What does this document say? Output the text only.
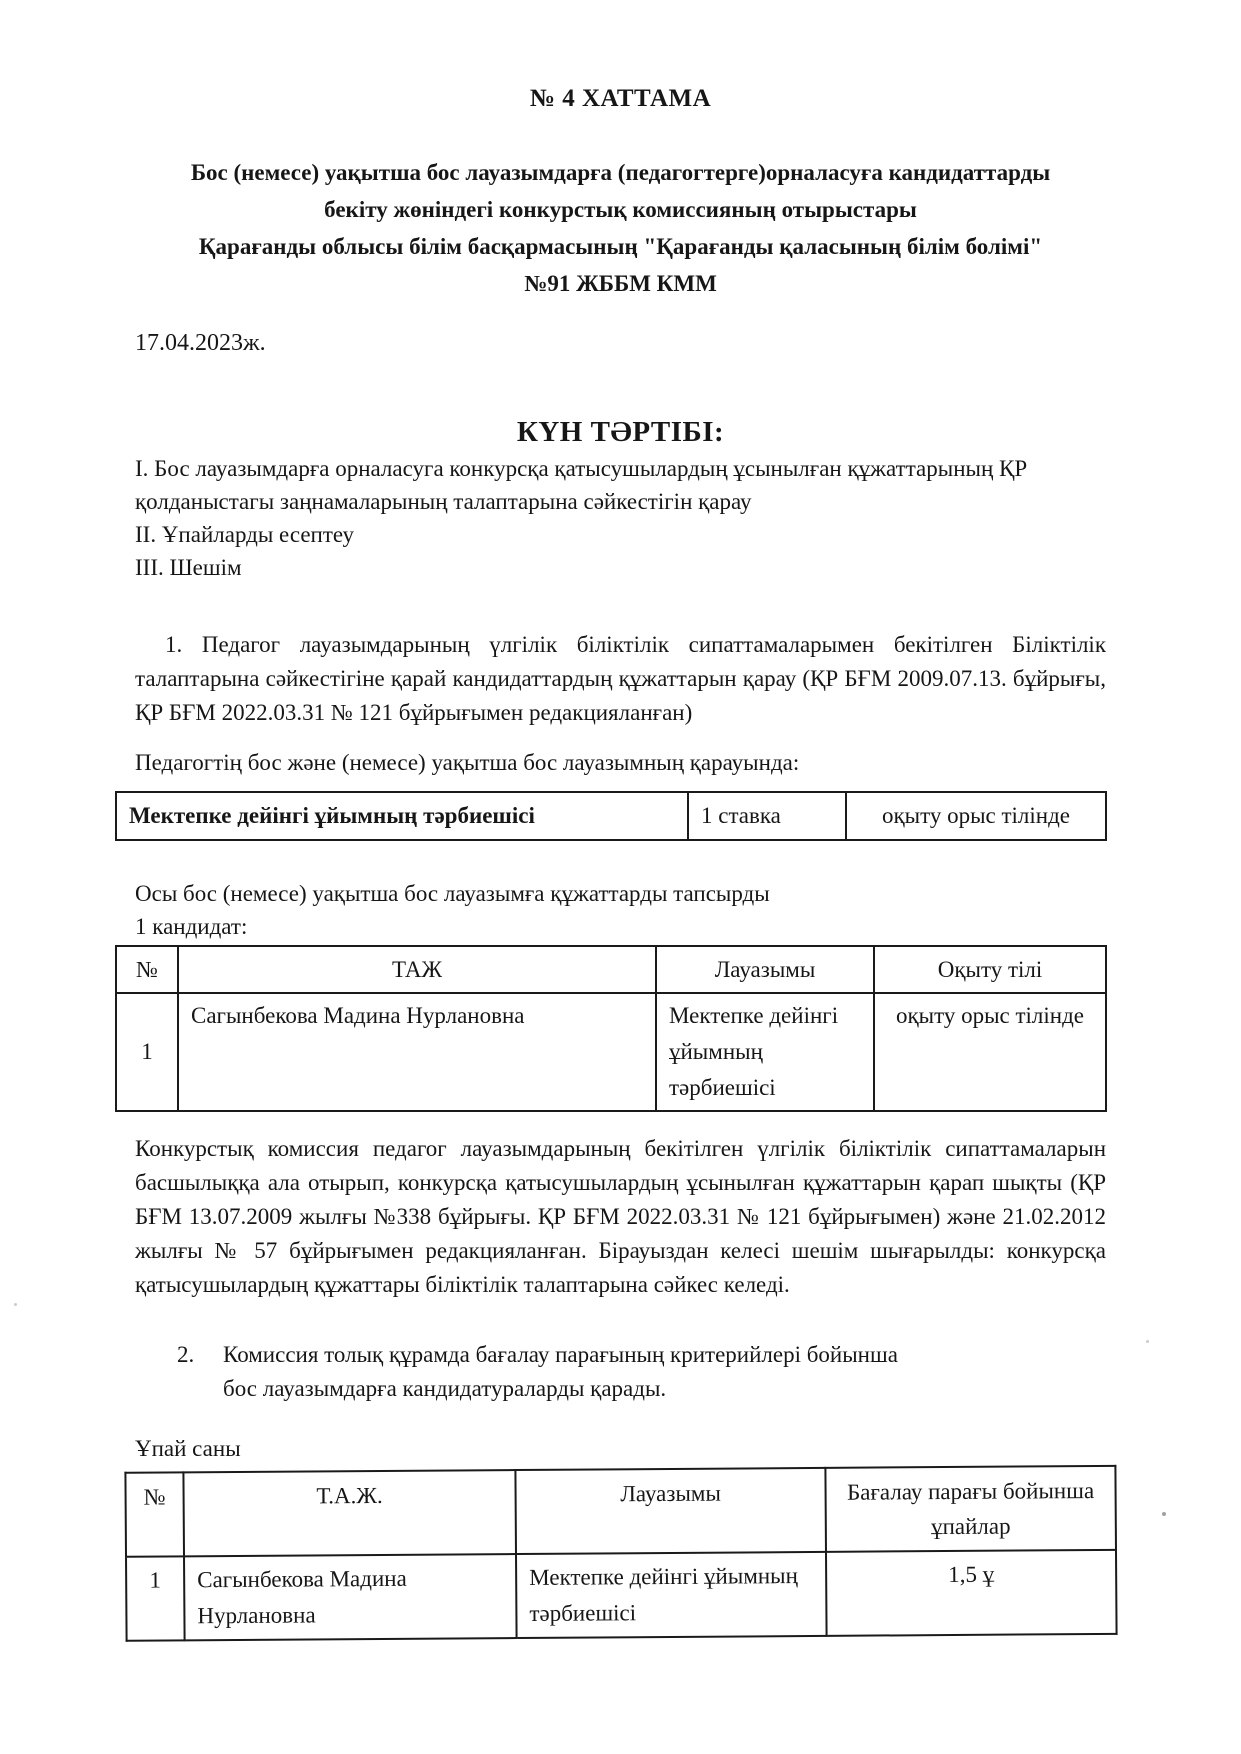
№ 4 ХАТТАМА
Бос (немесе) уақытша бос лауазымдарға (педагогтерге)орналасуға кандидаттарды
бекіту жөніндегі конкурстық комиссияның отырыстары
Қарағанды облысы білім басқармасының "Қарағанды қаласының білім болімі"
№91 ЖББМ КММ
17.04.2023ж.
КҮН ТӘРТІБІ:
I. Бос лауазымдарға орналасуга конкурсқа қатысушылардың ұсынылған құжаттарының ҚР қолданыстагы заңнамаларының талаптарына сәйкестігін қарау
II. Ұпайларды есептеу
III. Шешім
1. Педагог лауазымдарының үлгілік біліктілік сипаттамаларымен бекітілген Біліктілік талаптарына сәйкестігіне қарай кандидаттардың құжаттарын қарау (ҚР БҒМ 2009.07.13. бұйрығы, ҚР БҒМ 2022.03.31 № 121 бұйрығымен редакцияланған)
Педагогтің бос және (немесе) уақытша бос лауазымның қарауында:
Мектепке дейінгі ұйымның тәрбиешісі	1 ставка	оқыту орыс тілінде
Осы бос (немесе) уақытша бос лауазымға құжаттарды тапсырды
1 кандидат:
№	ТАЖ	Лауазымы	Оқыту тілі
1	Сагынбекова Мадина Нурлановна	Мектепке дейінгі ұйымның тәрбиешісі	оқыту орыс тілінде
Конкурстық комиссия педагог лауазымдарының бекітілген үлгілік біліктілік сипаттамаларын басшылыққа ала отырып, конкурсқа қатысушылардың ұсынылған құжаттарын қарап шықты (ҚР БҒМ 13.07.2009 жылғы №338 бұйрығы. ҚР БҒМ 2022.03.31 № 121 бұйрығымен) және 21.02.2012 жылғы № 57 бұйрығымен редакцияланған. Бірауыздан келесі шешім шығарылды: конкурсқа қатысушылардың құжаттары біліктілік талаптарына сәйкес келеді.
2.	Комиссия толық құрамда бағалау парағының критерийлері бойынша бос лауазымдарға кандидатураларды қарады.
Ұпай саны
№	Т.А.Ж.	Лауазымы	Бағалау парағы бойынша ұпайлар
1	Сагынбекова Мадина Нурлановна	Мектепке дейінгі ұйымның тәрбиешісі	1,5 ұ
